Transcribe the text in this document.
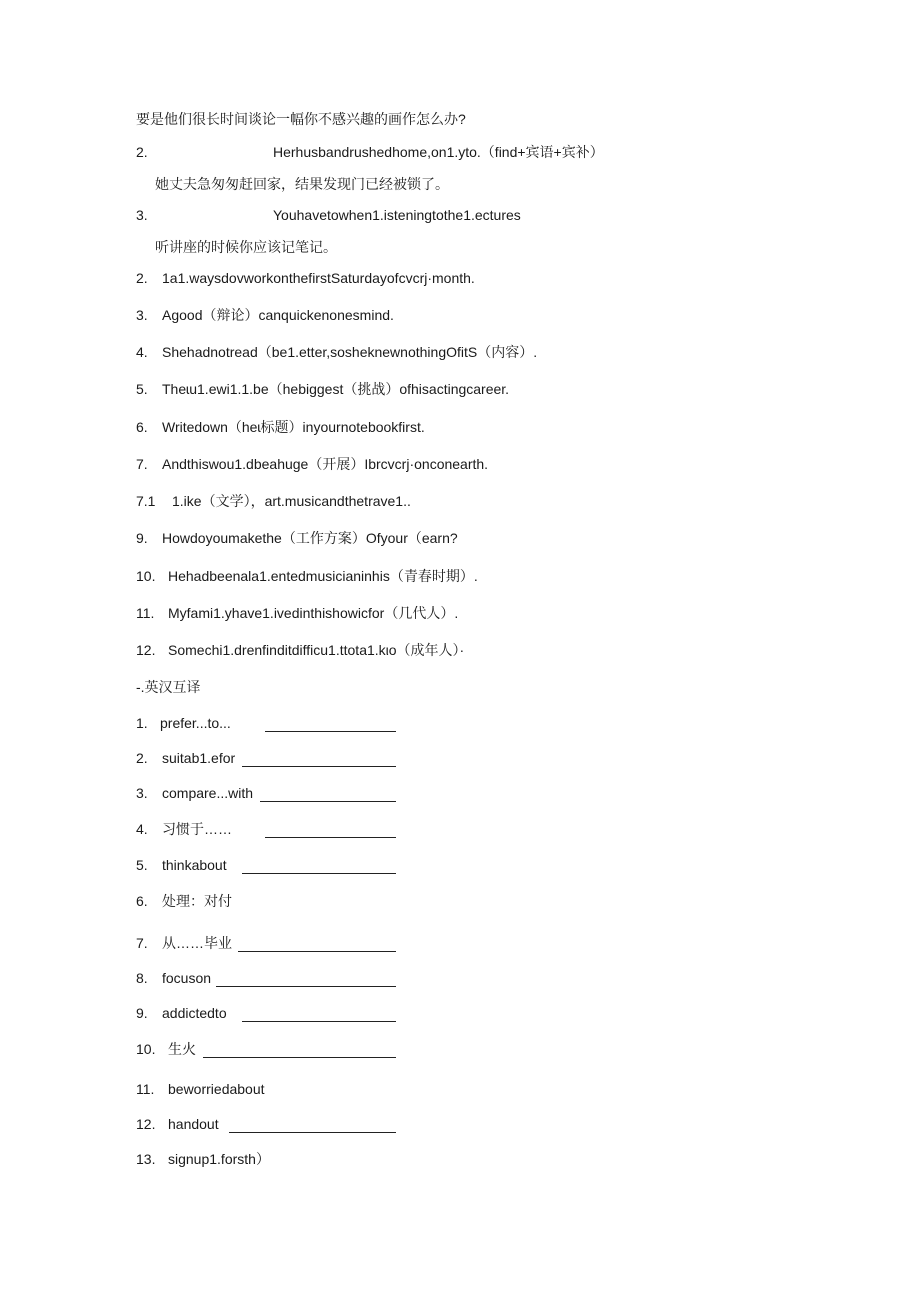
要是他们很长时间谈论一幅你不感兴趣的画作怎么办?
2.	Herhusbandrushedhome,on1.yto.（find+宾语+宾补）
她丈夫急匆匆赶回家，结果发现门已经被锁了。
3.	Youhavetowhen1.isteningtothe1.ectures
听讲座的时候你应该记笔记。
2. 1a1.waysdovworkonthefirstSaturdayofcvcrj·month.
3. Agood（辩论）canquickenonesmind.
4. Shehadnotread（be1.etter,sosheknewnothingOfitS（内容）.
5. Theɩu1.ewi1.1.be（hebiggest（挑战）ofhisactingcareer.
6. Writedown（heɩ标题）inyournotebookfirst.
7. Andthiswou1.dbeahuge（开展）Ibrcvcrj·onconearth.
7.1 1.ike（文学），art.musicandthetrave1..
9. Howdoyoumakethe（工作方案）Ofyour（earn?
10. Hehadbeenala1.entedmusicianinhis（青春时期）.
11. Myfami1.yhave1.ivedinthishowicfor（几代人）.
12. Somechi1.drenfinditdifficu1.ttota1.kιo（成年人）·
-.英汉互译
1. prefer...to...
2. suitab1.efor
3. compare...with
4. 习惯于……
5. thinkabout
6. 处理：对付
7. 从……毕业
8. focuson
9. addictedto
10. 生火
11. beworriedabout
12. handout
13. signup1.forsth）
